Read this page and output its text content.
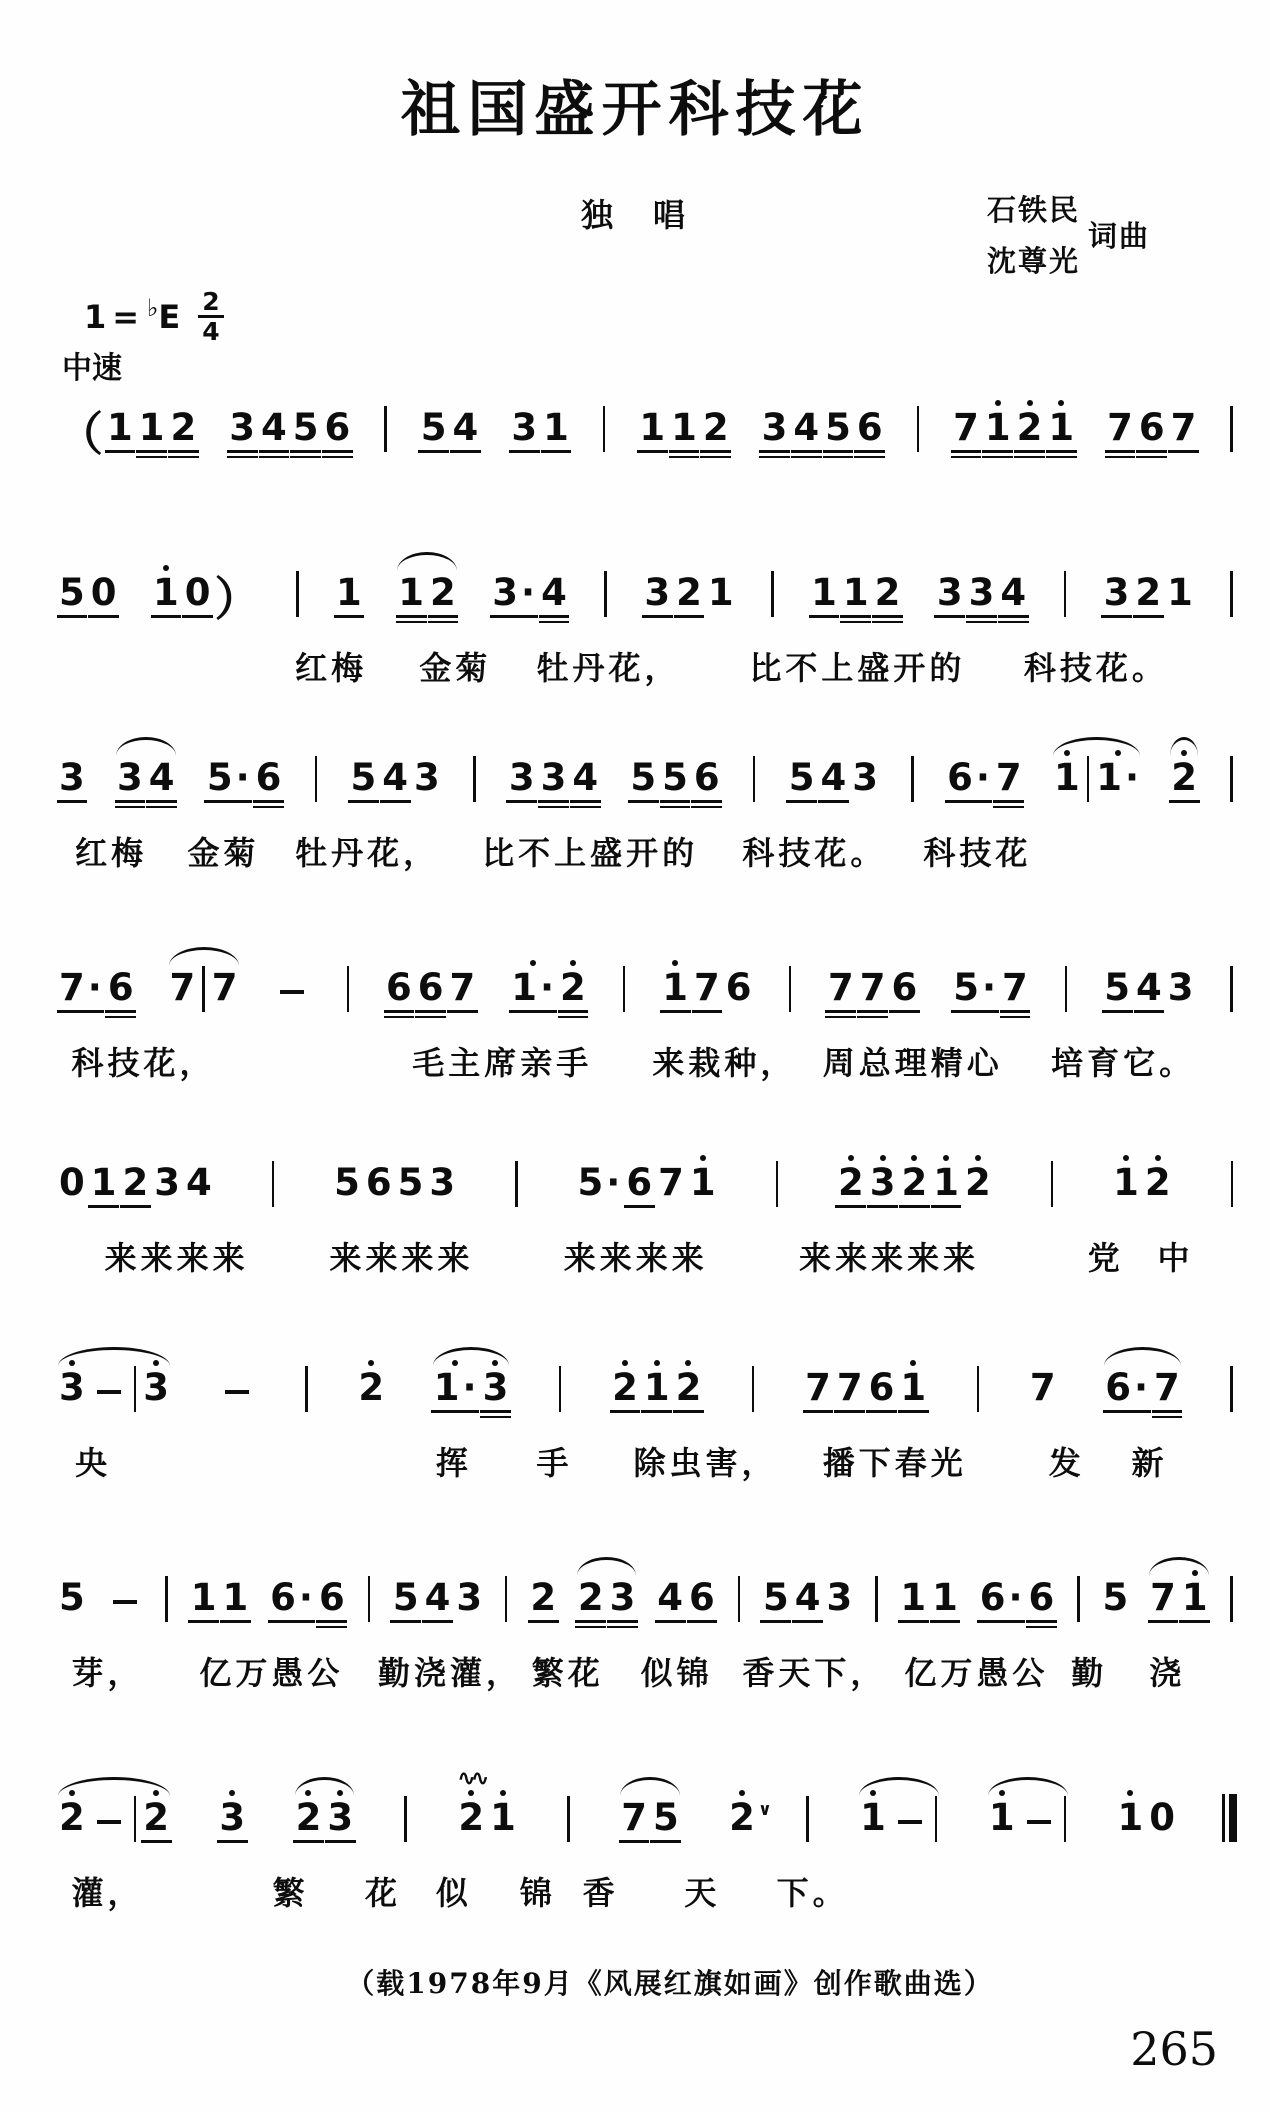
祖国盛开科技花
独　唱
1 = ♭ E $\frac{2}{4}$
中速
石铁民
沈尊光
词曲
（ 1 1 2 3 4 5 6 5 4 3 1 1 1 2 3 4 5 6 7 1 2 1 7 6 7
5 0 1 0 ） 1 1 2 3 · 4 3 2 1 1 1 2 3 3 4 3 2 1
红梅 金菊 牡丹花， 比不上盛开的 科技花。
3 3 4 5 · 6 5 4 3 3 3 4 5 5 6 5 4 3 6 · 7 1 1 · 2
红梅 金菊 牡丹花， 比不上盛开的 科技花。 科技花
7 · 6 7 7	6 6 7 1 · 2 1 7 6 7 7 6 5 · 7 5 4 3
科技花，	毛主席亲手 来栽种， 周总理精心 培育它。
0 1 2 3 4	5 6 5 3	5 · 6 7 1	2 3 2 1 2	1 2
来来来来	来来来来	来来来来	来来来来来	党 中
3 3	2 1 · 3	2 1 2	7 7 6 1	7 6 · 7
央	挥 手 除虫害， 播下春光	发 新
5	1 1 6 · 6 5 4 3 2 2 3 4 6 5 4 3 1 1 6 · 6 5 7 1
芽， 亿万愚公 勤浇灌， 繁花 似锦 香天下， 亿万愚公 勤 浇
2 2 3 2 3	2
∿∿
1	7 5 2 ∨ 1	1	1 0
灌，	繁 花 似 锦 香 天 下。
（载1978年9月《风展红旗如画》创作歌曲选）
265
